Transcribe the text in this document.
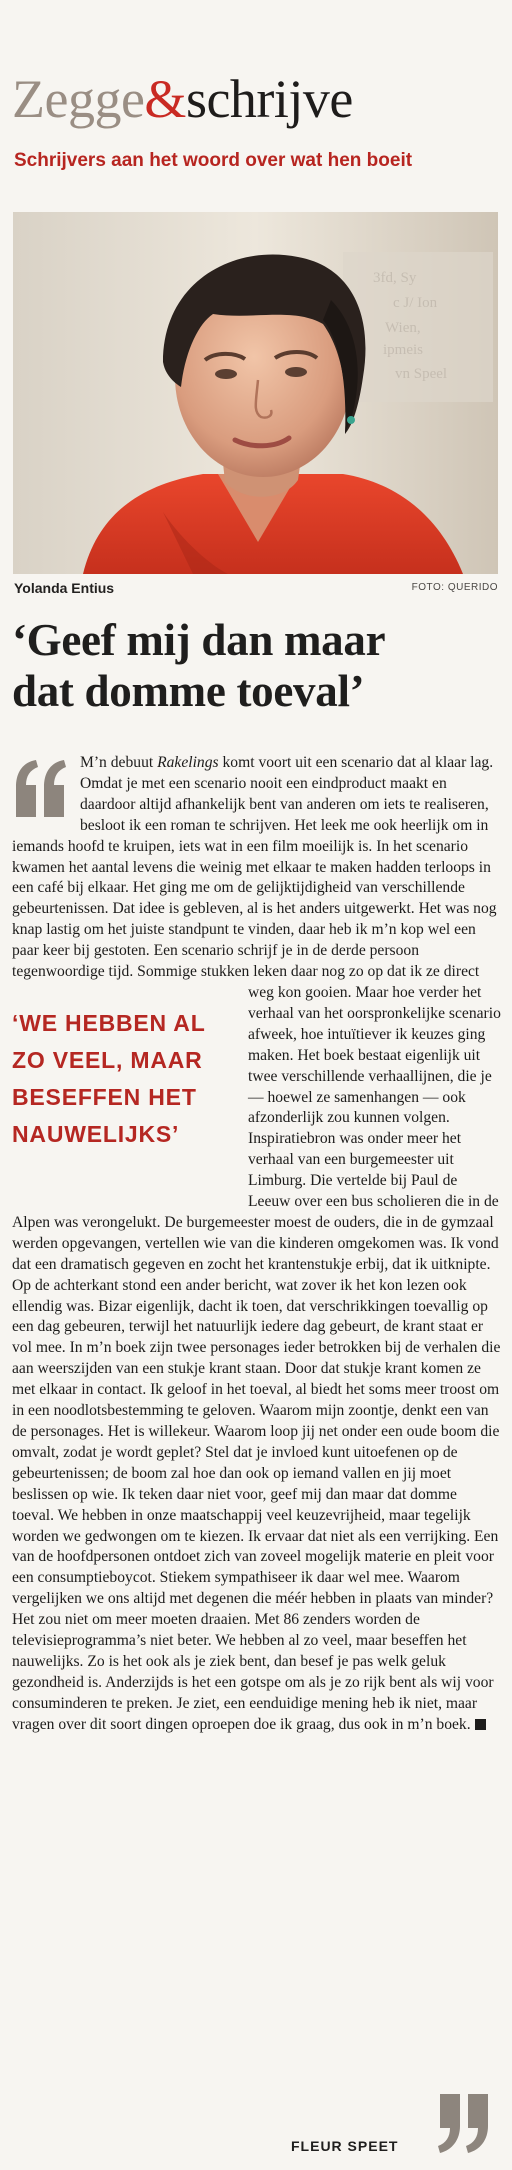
Zegge&schrijve
Schrijvers aan het woord over wat hen boeit
3fd, Sy
c J/ Ion
Wien,
ipmeis
vn Speel
Yolanda Entius	FOTO: QUERIDO
‘Geef mij dan maar
dat domme toeval’
M’n debuut Rakelings komt voort uit een scenario dat al klaar lag. Omdat je met een scenario nooit een eindproduct maakt en daardoor altijd afhankelijk bent van anderen om iets te realiseren, besloot ik een roman te schrijven. Het leek me ook heerlijk om in iemands hoofd te kruipen, iets wat in een film moeilijk is. In het scenario kwamen het aantal levens die weinig met elkaar te maken hadden terloops in een café bij elkaar. Het ging me om de gelijktijdigheid van verschillende gebeurtenissen. Dat idee is gebleven, al is het anders uitgewerkt. Het was nog knap lastig om het juiste standpunt te vinden, daar heb ik m’n kop wel een paar keer bij gestoten. Een scenario schrijf je in de derde persoon tegenwoordige tijd. Sommige stukken leken daar nog zo op dat ik ze direct weg kon gooien.
‘WE HEBBEN AL ZO VEEL, MAAR BESEFFEN HET NAUWELIJKS’
Maar hoe verder het verhaal van het oorspronkelijke scenario afweek, hoe intuïtiever ik keuzes ging maken. Het boek bestaat eigenlijk uit twee verschillende verhaallijnen, die je — hoewel ze samenhangen — ook afzonderlijk zou kunnen volgen. Inspiratiebron was onder meer het verhaal van een burgemeester uit Limburg. Die vertelde bij Paul de Leeuw over een bus scholieren die in de Alpen was verongelukt. De burgemeester moest de ouders, die in de gymzaal werden opgevangen, vertellen wie van die kinderen omgekomen was. Ik vond dat een dramatisch gegeven en zocht het krantenstukje erbij, dat ik uitknipte. Op de achterkant stond een ander bericht, wat zover ik het kon lezen ook ellendig was. Bizar eigenlijk, dacht ik toen, dat verschrikkingen toevallig op een dag gebeuren, terwijl het natuurlijk iedere dag gebeurt, de krant staat er vol mee. In m’n boek zijn twee personages ieder betrokken bij de verhalen die aan weerszijden van een stukje krant staan. Door dat stukje krant komen ze met elkaar in contact. Ik geloof in het toeval, al biedt het soms meer troost om in een noodlotsbestemming te geloven. Waarom mijn zoontje, denkt een van de personages. Het is willekeur. Waarom loop jij net onder een oude boom die omvalt, zodat je wordt geplet? Stel dat je invloed kunt uitoefenen op de gebeurtenissen; de boom zal hoe dan ook op iemand vallen en jij moet beslissen op wie. Ik teken daar niet voor, geef mij dan maar dat domme toeval. We hebben in onze maatschappij veel keuzevrijheid, maar tegelijk worden we gedwongen om te kiezen. Ik ervaar dat niet als een verrijking. Een van de hoofdpersonen ontdoet zich van zoveel mogelijk materie en pleit voor een consumptieboycot. Stiekem sympathiseer ik daar wel mee. Waarom vergelijken we ons altijd met degenen die méér hebben in plaats van minder? Het zou niet om meer moeten draaien. Met 86 zenders worden de televisieprogramma’s niet beter. We hebben al zo veel, maar beseffen het nauwelijks. Zo is het ook als je ziek bent, dan besef je pas welk geluk gezondheid is. Anderzijds is het een gotspe om als je zo rijk bent als wij voor consuminderen te preken. Je ziet, een eenduidige mening heb ik niet, maar vragen over dit soort dingen oproepen doe ik graag, dus ook in m’n boek.
FLEUR SPEET
